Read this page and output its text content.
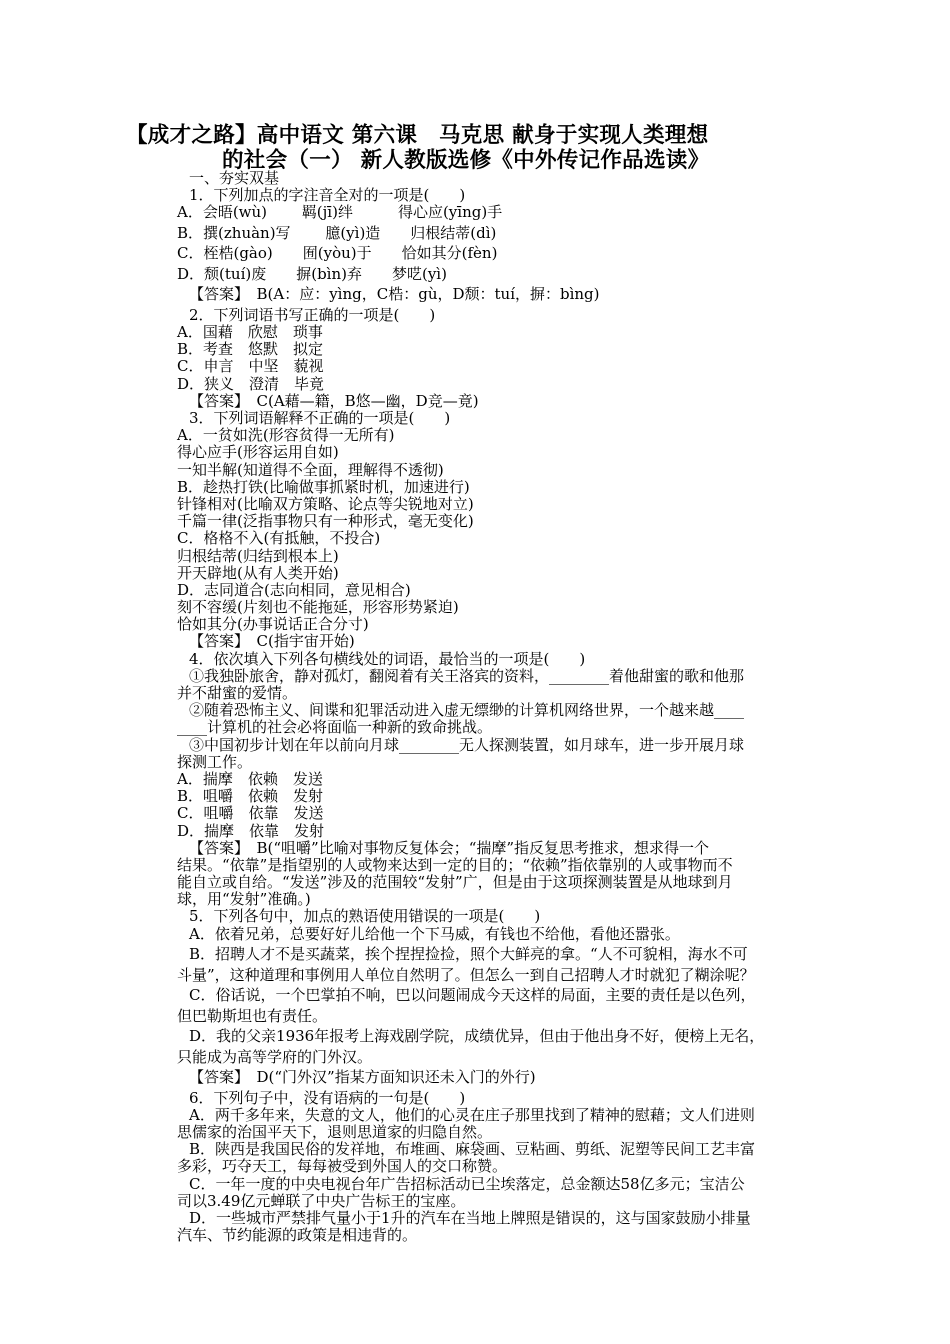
【成才之路】高中语文 第六课　马克思 献身于实现人类理想
的社会（一） 新人教版选修《中外传记作品选读》
一、夯实双基
1．下列加点的字注音全对的一项是(　　)
A．会晤(wù)　　 羁(jī)绊　　　得心应(yīng)手
B．撰(zhuàn)写　　 臆(yì)造　　归根结蒂(dì)
C．桎梏(gào)　　囿(yòu)于　　恰如其分(fèn)
D．颓(tuí)废　　摒(bìn)弃　　梦呓(yì)
【答案】　B(A：应：yìng，C梏：gù，D颓：tuí，摒：bìng)
2．下列词语书写正确的一项是(　　)
A．国藉　欣慰　琐事
B．考查　悠默　拟定
C．申言　中坚　藐视
D．狭义　澄清　毕竟
【答案】　C(A藉—籍，B悠—幽，D竞—竟)
3．下列词语解释不正确的一项是(　　)
A．一贫如洗(形容贫得一无所有)
得心应手(形容运用自如)
一知半解(知道得不全面，理解得不透彻)
B．趁热打铁(比喻做事抓紧时机，加速进行)
针锋相对(比喻双方策略、论点等尖锐地对立)
千篇一律(泛指事物只有一种形式，毫无变化)
C．格格不入(有抵触，不投合)
归根结蒂(归结到根本上)
开天辟地(从有人类开始)
D．志同道合(志向相同，意见相合)
刻不容缓(片刻也不能拖延，形容形势紧迫)
恰如其分(办事说话正合分寸)
【答案】　C(指宇宙开始)
4．依次填入下列各句横线处的词语，最恰当的一项是(　　)
①我独卧旅舍，静对孤灯，翻阅着有关王洛宾的资料，________着他甜蜜的歌和他那
并不甜蜜的爱情。
②随着恐怖主义、间谍和犯罪活动进入虚无缥缈的计算机网络世界，一个越来越____
____计算机的社会必将面临一种新的致命挑战。
③中国初步计划在年以前向月球________无人探测装置，如月球车，进一步开展月球
探测工作。
A．揣摩　依赖　发送
B．咀嚼　依赖　发射
C．咀嚼　依靠　发送
D．揣摩　依靠　发射
【答案】　B(“咀嚼”比喻对事物反复体会；“揣摩”指反复思考推求，想求得一个
结果。“依靠”是指望别的人或物来达到一定的目的；“依赖”指依靠别的人或事物而不
能自立或自给。“发送”涉及的范围较“发射”广，但是由于这项探测装置是从地球到月
球，用“发射”准确。)
5．下列各句中，加点的熟语使用错误的一项是(　　)
A．依着兄弟，总要好好儿给他一个下马威，有钱也不给他，看他还嚣张。
B．招聘人才不是买蔬菜，挨个捏捏捡捡，照个大鲜亮的拿。“人不可貌相，海水不可
斗量”，这种道理和事例用人单位自然明了。但怎么一到自己招聘人才时就犯了糊涂呢？
C．俗话说，一个巴掌拍不响，巴以问题闹成今天这样的局面，主要的责任是以色列，
但巴勒斯坦也有责任。
D．我的父亲1936年报考上海戏剧学院，成绩优异，但由于他出身不好，便榜上无名，
只能成为高等学府的门外汉。
【答案】　D(“门外汉”指某方面知识还未入门的外行)
6．下列句子中，没有语病的一句是(　　)
A．两千多年来，失意的文人，他们的心灵在庄子那里找到了精神的慰藉；文人们进则
思儒家的治国平天下，退则思道家的归隐自然。
B．陕西是我国民俗的发祥地，布堆画、麻袋画、豆粘画、剪纸、泥塑等民间工艺丰富
多彩，巧夺天工，每每被受到外国人的交口称赞。
C．一年一度的中央电视台年广告招标活动已尘埃落定，总金额达58亿多元；宝洁公
司以3.49亿元蝉联了中央广告标王的宝座。
D．一些城市严禁排气量小于1升的汽车在当地上牌照是错误的，这与国家鼓励小排量
汽车、节约能源的政策是相违背的。
